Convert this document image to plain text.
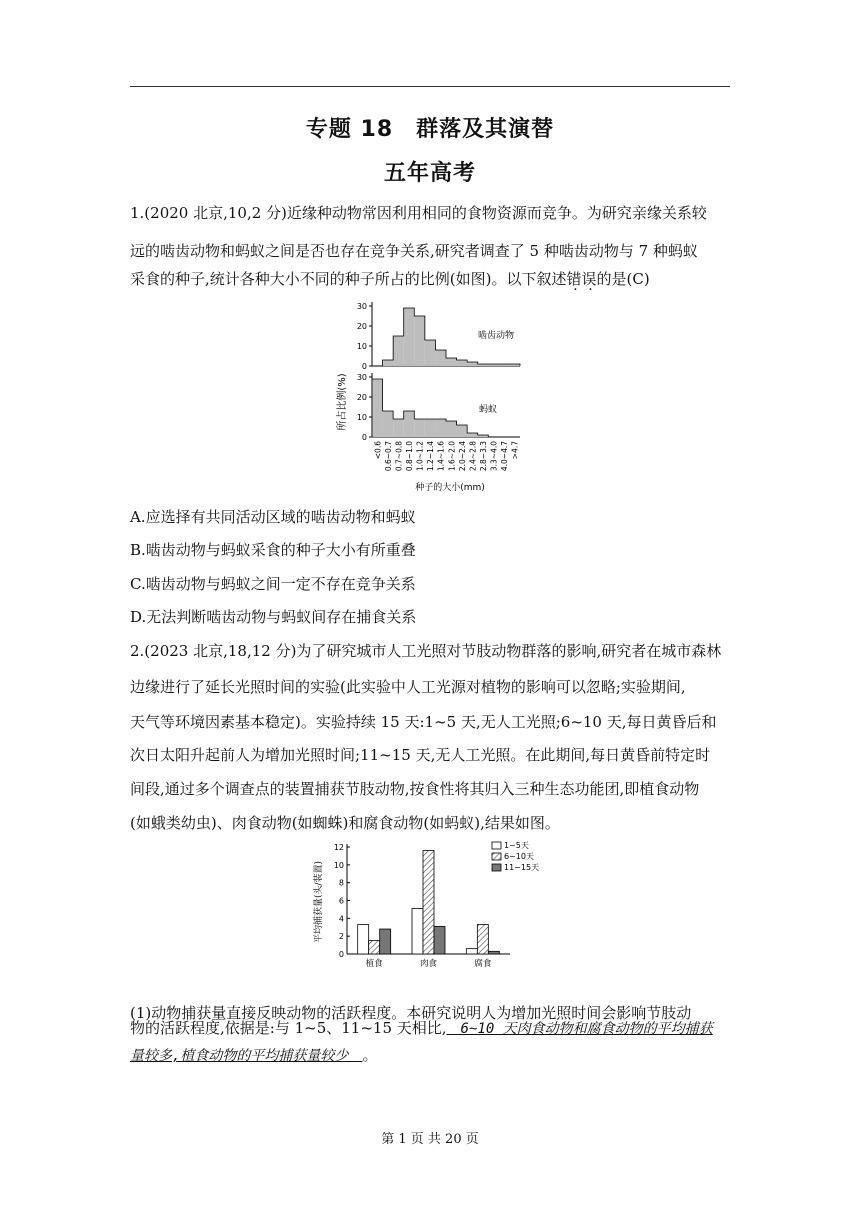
专题 18　群落及其演替
五年高考
1.(2020 北京,10,2 分)近缘种动物常因利用相同的食物资源而竞争。为研究亲缘关系较
远的啮齿动物和蚂蚁之间是否也存在竞争关系,研究者调查了 5 种啮齿动物与 7 种蚂蚁
采食的种子,统计各种大小不同的种子所占的比例(如图)。以下叙述错误的是(C)
所占比例(%)
0
10
20
30
啮齿动物
0
10
20
30
蚂蚁
<0.6 0.6~0.7 0.7~0.8 0.8~1.0 1.0~1.2 1.2~1.4 1.4~1.6 1.6~2.0 2.0~2.4 2.4~2.8 2.8~3.3 3.3~4.0 4.0~4.7 >4.7
种子的大小(mm)
A.应选择有共同活动区域的啮齿动物和蚂蚁
B.啮齿动物与蚂蚁采食的种子大小有所重叠
C.啮齿动物与蚂蚁之间一定不存在竞争关系
D.无法判断啮齿动物与蚂蚁间存在捕食关系
2.(2023 北京,18,12 分)为了研究城市人工光照对节肢动物群落的影响,研究者在城市森林
边缘进行了延长光照时间的实验(此实验中人工光源对植物的影响可以忽略;实验期间,
天气等环境因素基本稳定)。实验持续 15 天:1~5 天,无人工光照;6~10 天,每日黄昏后和
次日太阳升起前人为增加光照时间;11~15 天,无人工光照。在此期间,每日黄昏前特定时
间段,通过多个调查点的装置捕获节肢动物,按食性将其归入三种生态功能团,即植食动物
(如蛾类幼虫)、肉食动物(如蜘蛛)和腐食动物(如蚂蚁),结果如图。
平均捕获量(头/装置)
0
2
4
6
8
10
12
植食	肉食	腐食
1~5天
6~10天
11~15天
(1)动物捕获量直接反映动物的活跃程度。本研究说明人为增加光照时间会影响节肢动
物的活跃程度,依据是:与 1~5、11~15 天相比,　6~10 天肉食动物和腐食动物的平均捕获
量较多,植食动物的平均捕获量较少　。
第 1 页 共 20 页
